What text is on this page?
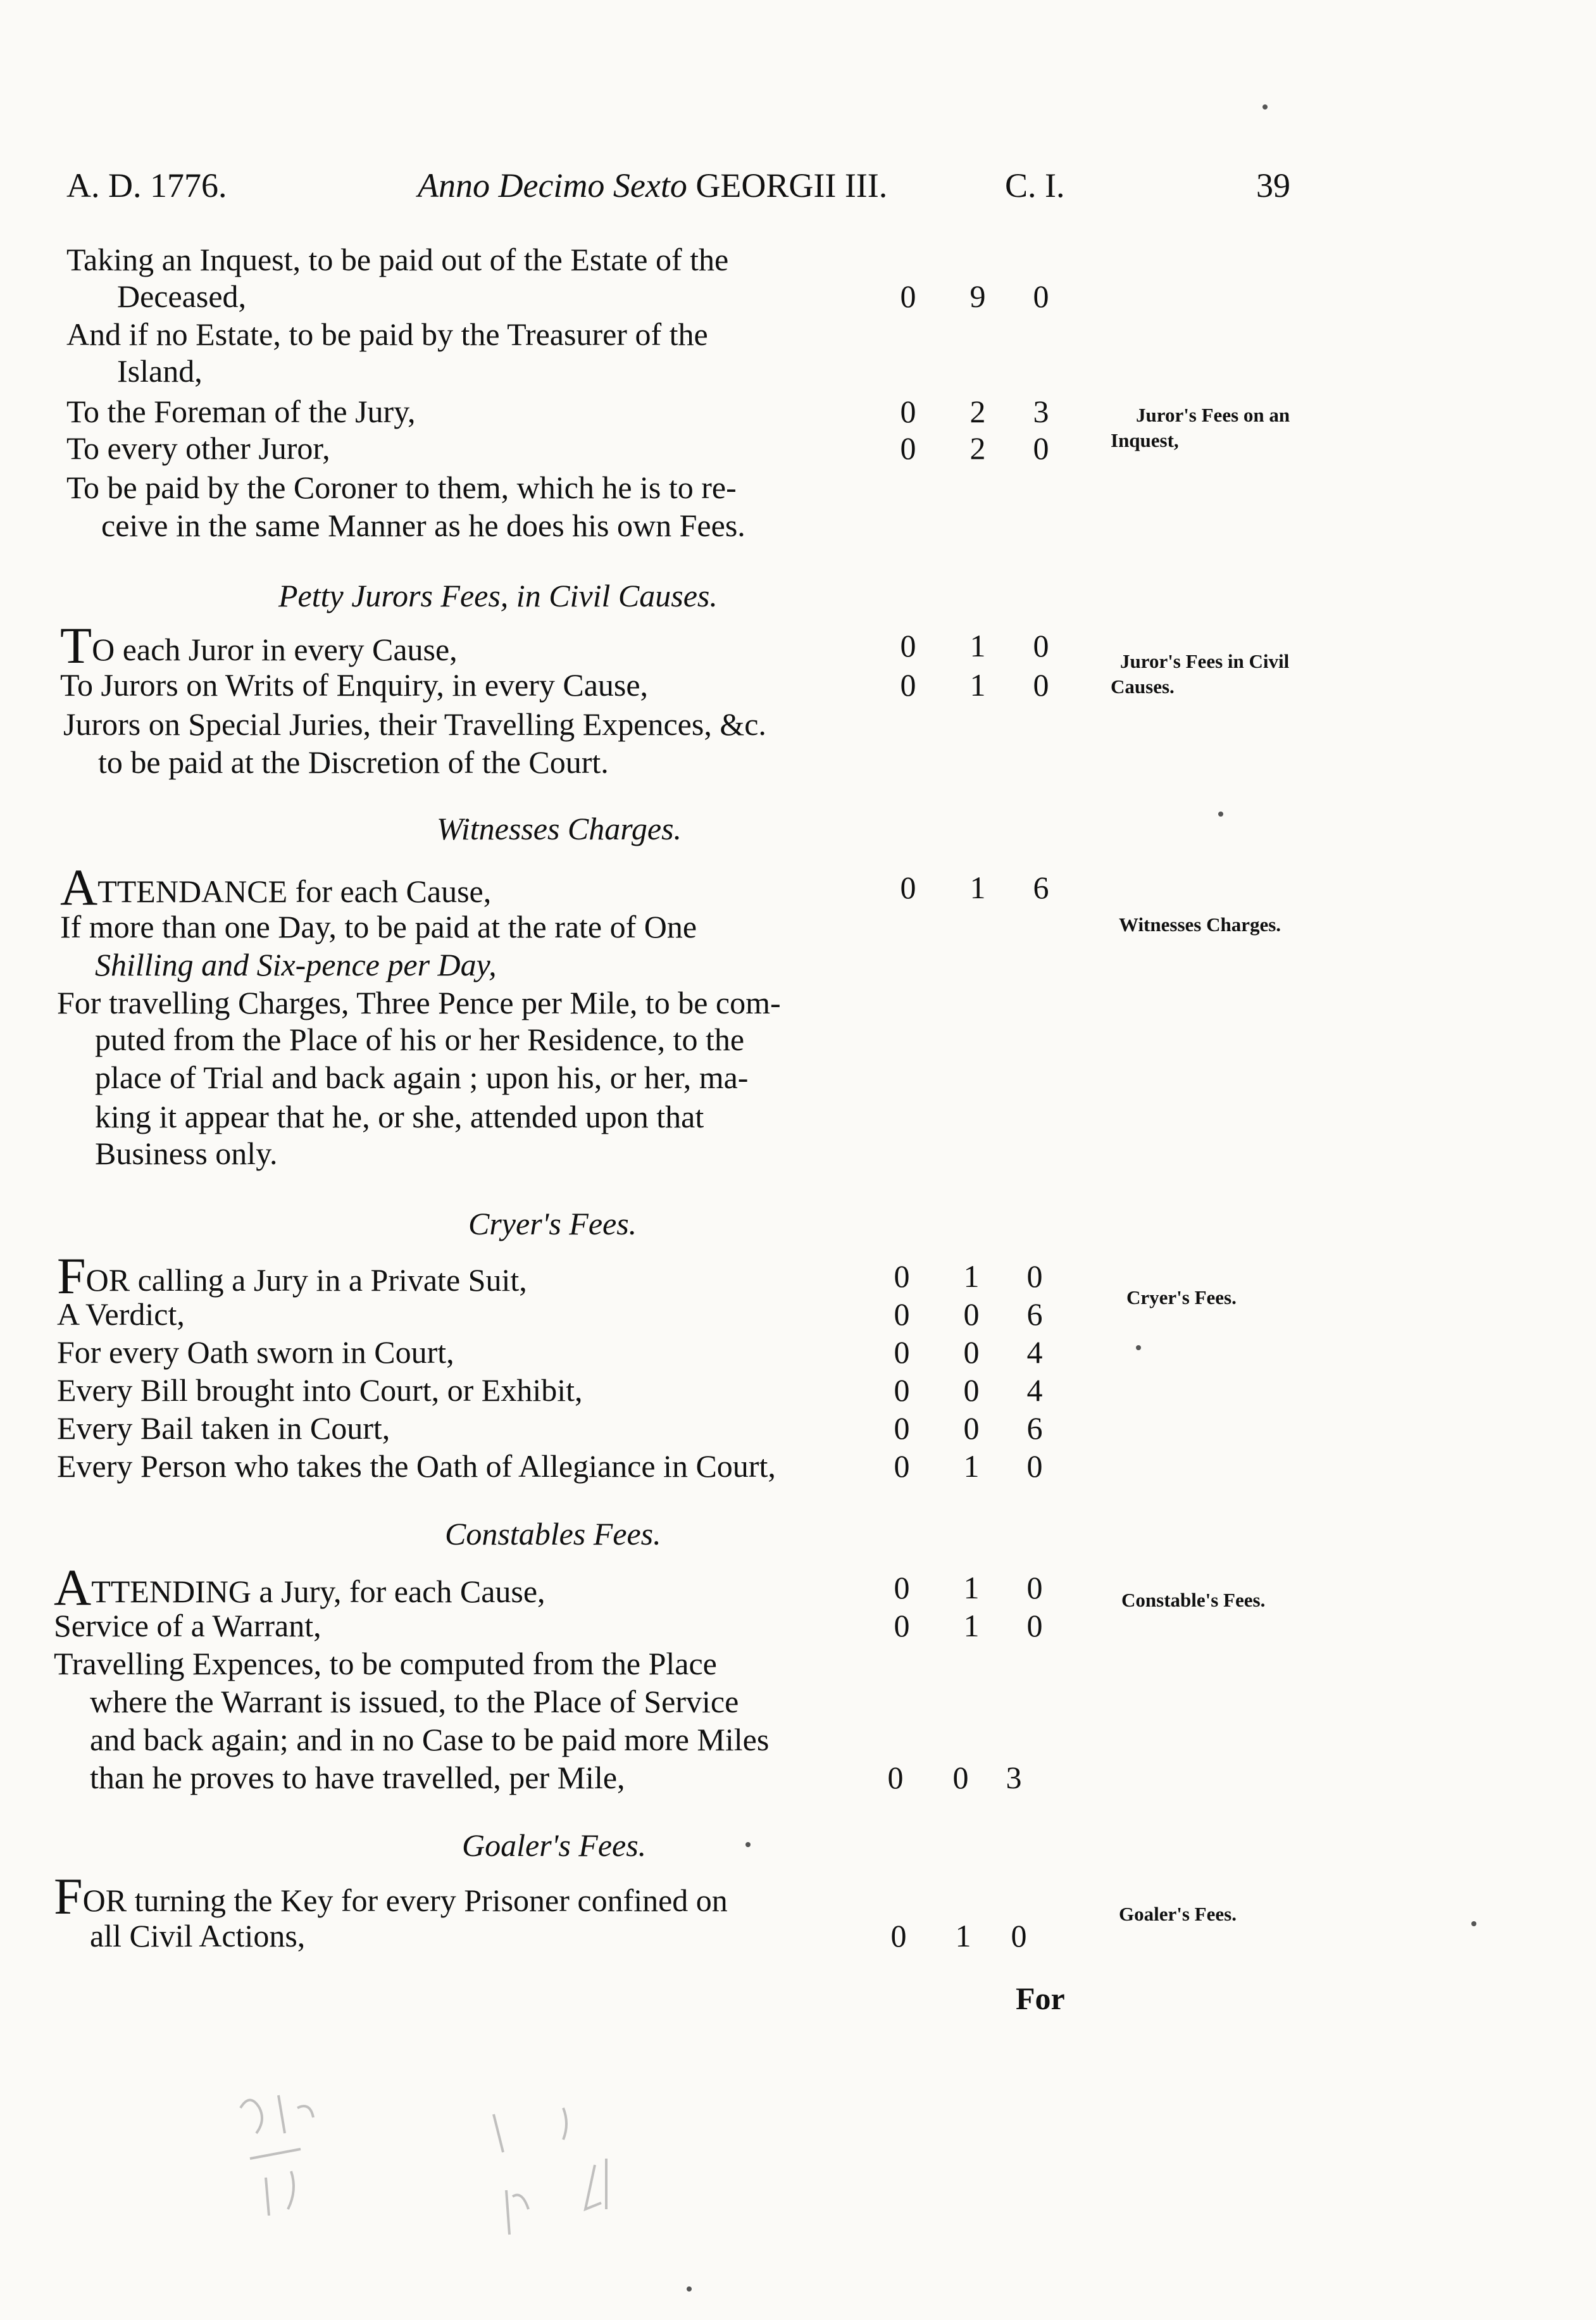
A. D. 1776.	Anno Decimo Sexto GEORGII III.	C. I.	39
Taking an Inquest, to be paid out of the Estate of the
Deceased,	0	9	0
And if no Estate, to be paid by the Treasurer of the
Island,
To the Foreman of the Jury,	0	2	3
To every other Juror,	0	2	0
To be paid by the Coroner to them, which he is to re-
ceive in the same Manner as he does his own Fees.
Juror's Fees on an
Inquest,
Petty Jurors Fees, in Civil Causes.
TO each Juror in every Cause,	0	1	0
To Jurors on Writs of Enquiry, in every Cause,	0	1	0
Jurors on Special Juries, their Travelling Expences, &c.
to be paid at the Discretion of the Court.
Juror's Fees in Civil
Causes.
Witnesses Charges.
ATTENDANCE for each Cause,	0	1	6
If more than one Day, to be paid at the rate of One
Shilling and Six-pence per Day,
For travelling Charges, Three Pence per Mile, to be com-
puted from the Place of his or her Residence, to the
place of Trial and back again ; upon his, or her, ma-
king it appear that he, or she, attended upon that
Business only.
Witnesses Charges.
Cryer's Fees.
FOR calling a Jury in a Private Suit,	0	1	0
A Verdict,	0	0	6
For every Oath sworn in Court,	0	0	4
Every Bill brought into Court, or Exhibit,	0	0	4
Every Bail taken in Court,	0	0	6
Every Person who takes the Oath of Allegiance in Court,	0	1	0
Cryer's Fees.
Constables Fees.
ATTENDING a Jury, for each Cause,	0	1	0
Service of a Warrant,	0	1	0
Travelling Expences, to be computed from the Place
where the Warrant is issued, to the Place of Service
and back again; and in no Case to be paid more Miles
than he proves to have travelled, per Mile,	0	0	3
Constable's Fees.
Goaler's Fees.
FOR turning the Key for every Prisoner confined on
all Civil Actions,	0	1	0
Goaler's Fees.
For
